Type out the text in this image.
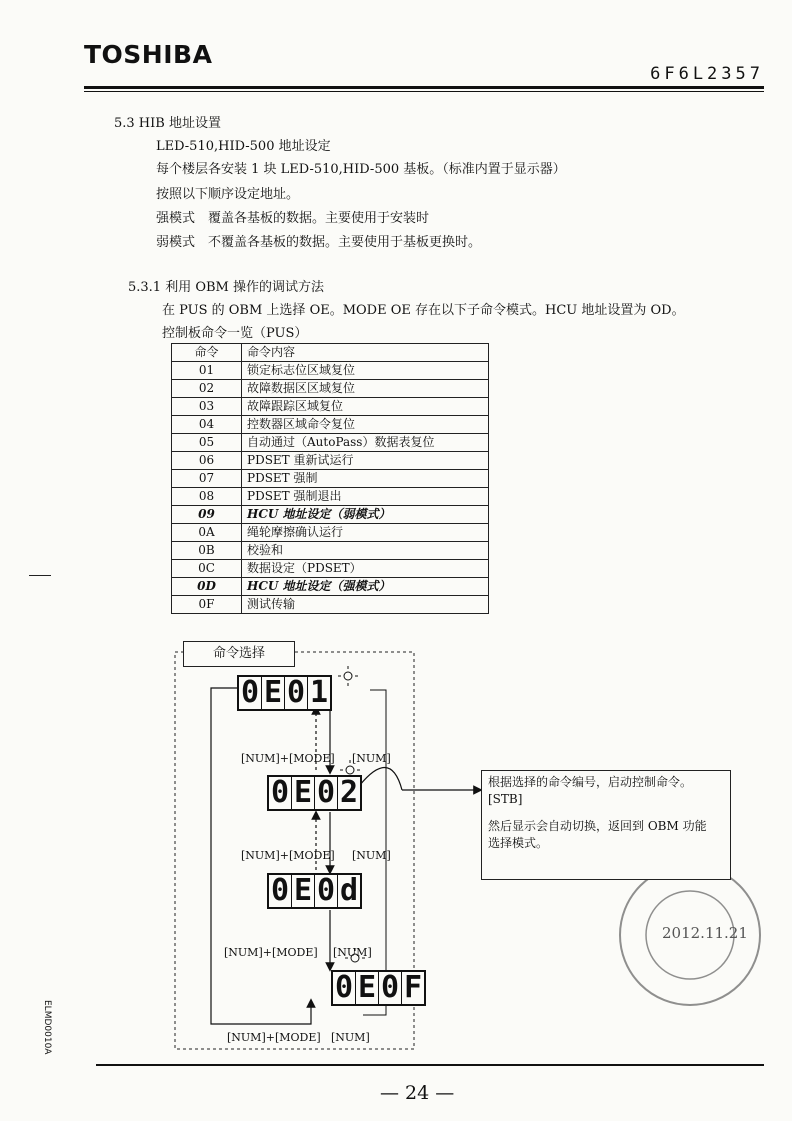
TOSHIBA
6F6L2357
5.3 HIB 地址设置
LED-510,HID-500 地址设定
每个楼层各安装 1 块 LED-510,HID-500 基板。（标准内置于显示器）
按照以下顺序设定地址。
强模式　覆盖各基板的数据。主要使用于安装时
弱模式　不覆盖各基板的数据。主要使用于基板更换时。
5.3.1 利用 OBM 操作的调试方法
在 PUS 的 OBM 上选择 OE。MODE OE 存在以下子命令模式。HCU 地址设置为 OD。
控制板命令一览（PUS）
命令	命令内容
01	锁定标志位区域复位
02	故障数据区区域复位
03	故障跟踪区域复位
04	控数器区域命令复位
05	自动通过（AutoPass）数据表复位
06	PDSET 重新试运行
07	PDSET 强制
08	PDSET 强制退出
09	HCU 地址设定（弱模式）
0A	绳轮摩擦确认运行
0B	校验和
0C	数据设定（PDSET）
0D	HCU 地址设定（强模式）
0F	测试传输
命令选择
0 E 0 1
0 E 0 2
0 E 0 d
0 E 0 F
[NUM]+[MODE] [NUM]
[NUM]+[MODE] [NUM]
[NUM]+[MODE] [NUM]
[NUM]+[MODE] [NUM]

根据选择的命令编号，启动控制命令。

[STB]

然后显示会自动切换，返回到 OBM 功能

选择模式。

2012.11.21
ELMD0010A
— 24 —
